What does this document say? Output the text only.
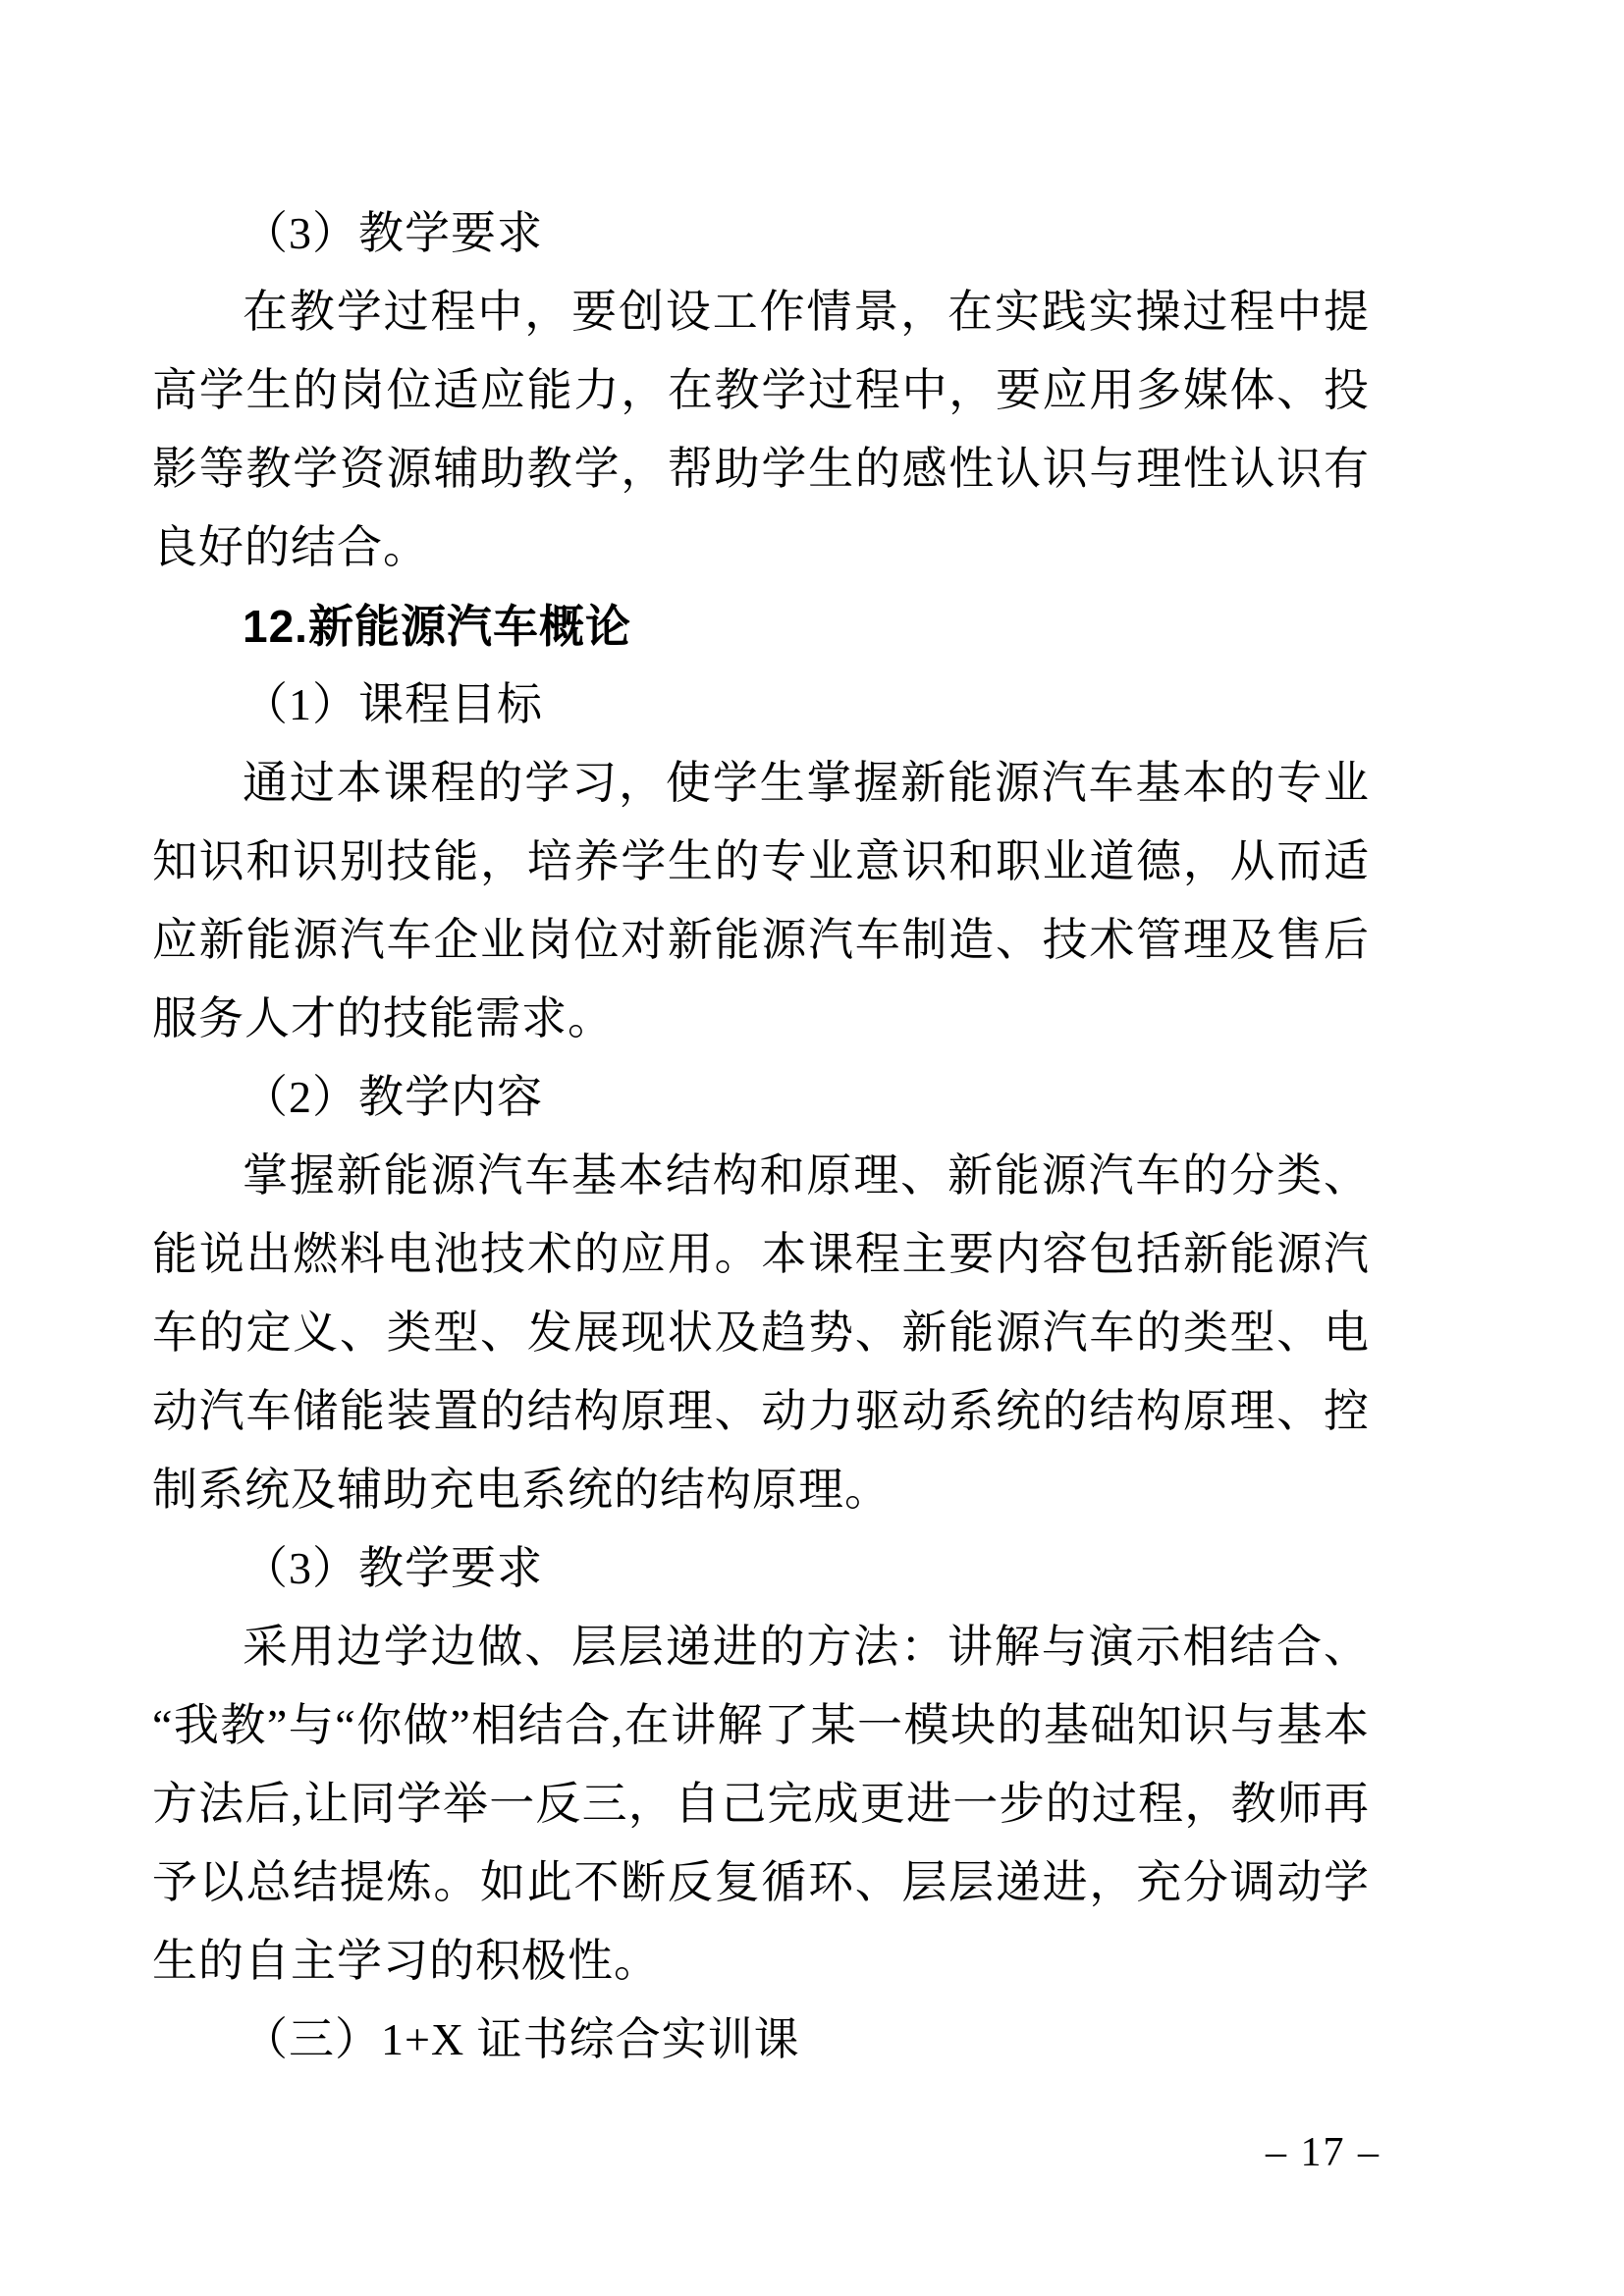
（3）教学要求

在教学过程中，要创设工作情景，在实践实操过程中提高学生的岗位适应能力，在教学过程中，要应用多媒体、投影等教学资源辅助教学，帮助学生的感性认识与理性认识有良好的结合。

12.新能源汽车概论

（1）课程目标

通过本课程的学习，使学生掌握新能源汽车基本的专业知识和识别技能，培养学生的专业意识和职业道德，从而适应新能源汽车企业岗位对新能源汽车制造、技术管理及售后服务人才的技能需求。

（2）教学内容

掌握新能源汽车基本结构和原理、新能源汽车的分类、能说出燃料电池技术的应用。本课程主要内容包括新能源汽车的定义、类型、发展现状及趋势、新能源汽车的类型、电动汽车储能装置的结构原理、动力驱动系统的结构原理、控制系统及辅助充电系统的结构原理。

（3）教学要求

采用边学边做、层层递进的方法：讲解与演示相结合、“我教”与“你做”相结合,在讲解了某一模块的基础知识与基本方法后,让同学举一反三，自己完成更进一步的过程，教师再予以总结提炼。如此不断反复循环、层层递进，充分调动学生的自主学习的积极性。

（三）1+X 证书综合实训课

– 17 –
